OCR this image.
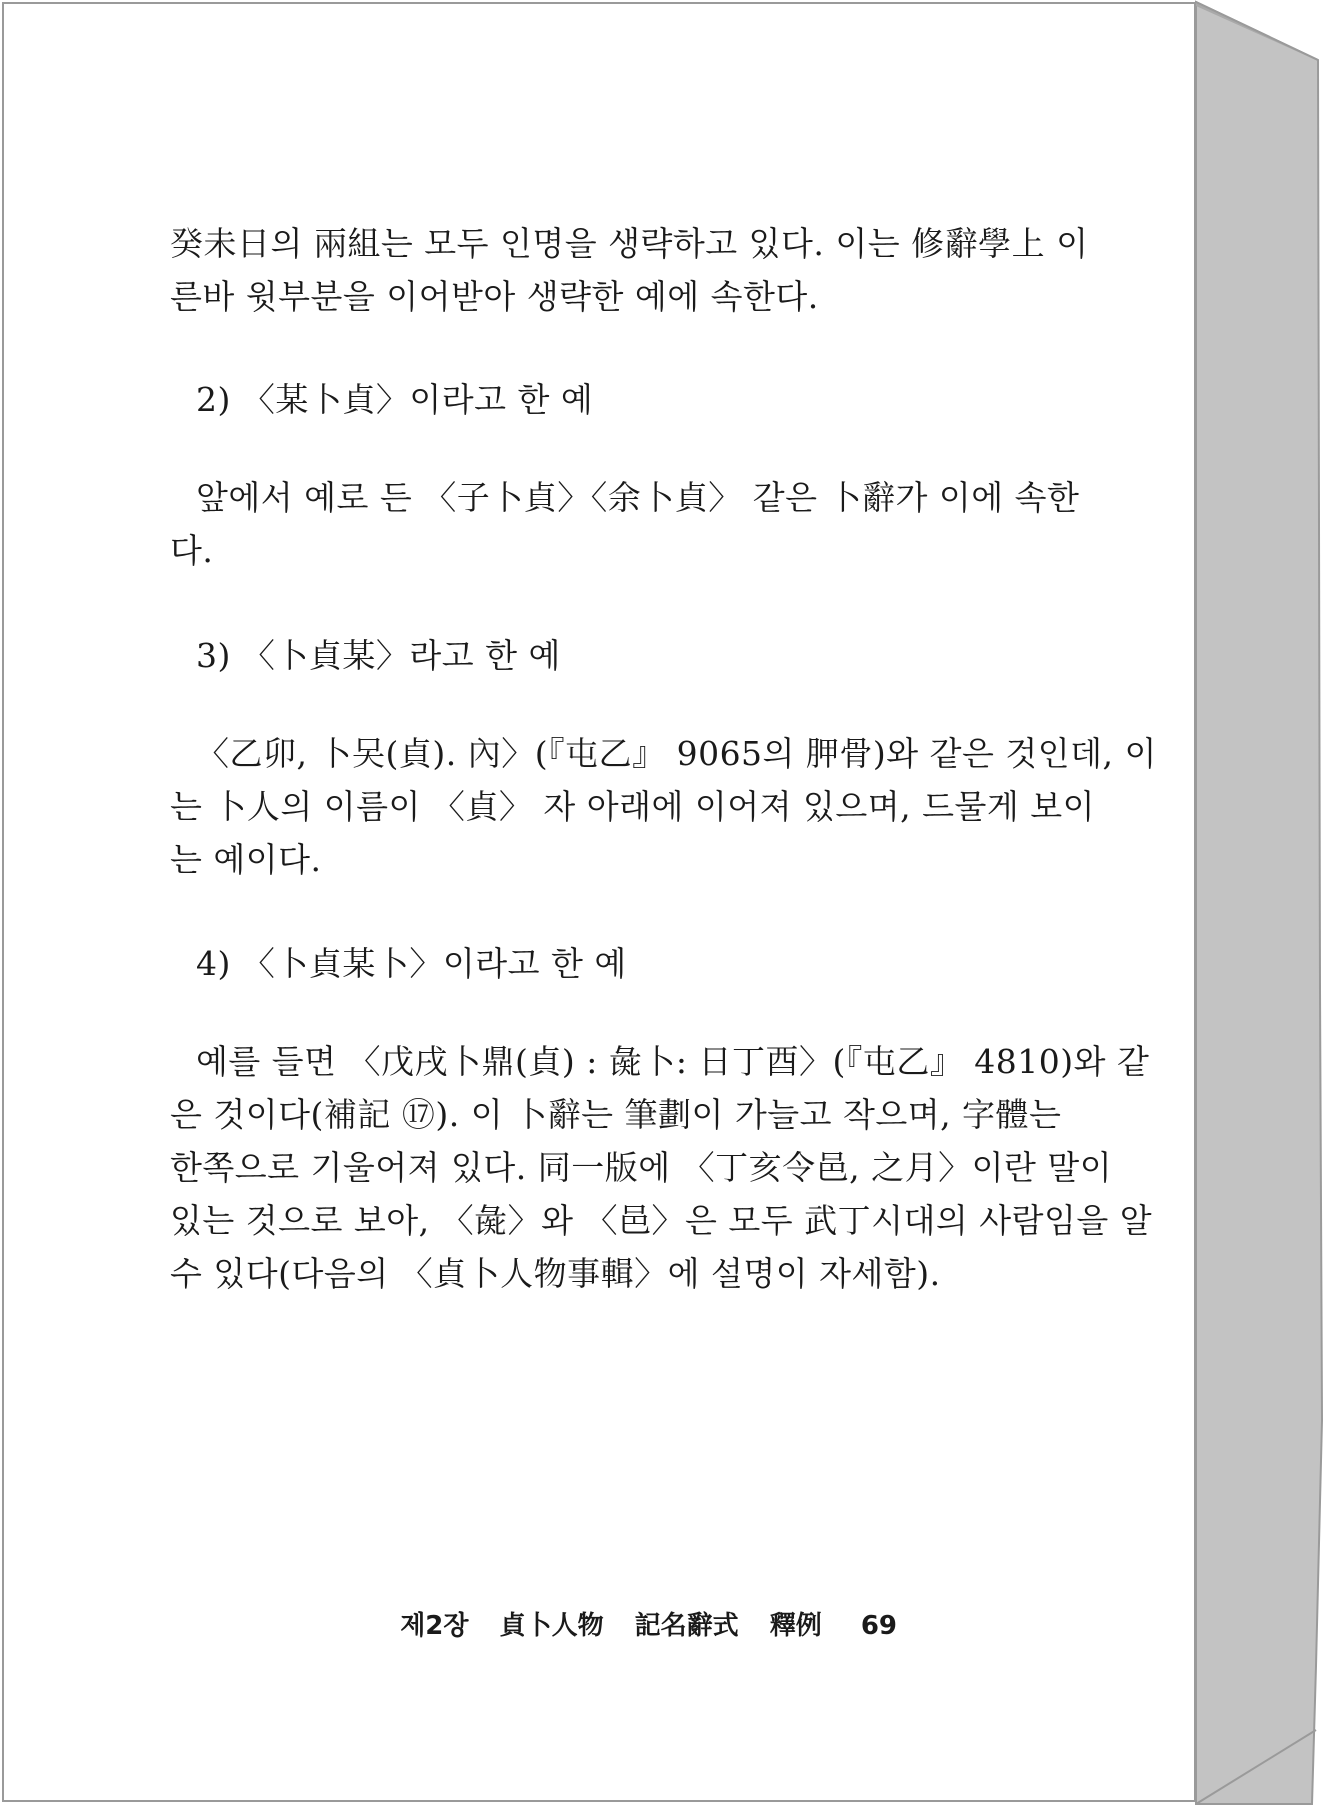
癸未日의 兩組는 모두 인명을 생략하고 있다. 이는 修辭學上 이
른바 윗부분을 이어받아 생략한 예에 속한다.
2) 〈某卜貞〉이라고 한 예
앞에서 예로 든 〈子卜貞〉〈余卜貞〉 같은 卜辭가 이에 속한
다.
3) 〈卜貞某〉라고 한 예
〈乙卯, 卜㕦(貞). 內〉(『屯乙』 9065의 胛骨)와 같은 것인데, 이
는 卜人의 이름이 〈貞〉 자 아래에 이어져 있으며, 드물게 보이
는 예이다.
4) 〈卜貞某卜〉이라고 한 예
예를 들면 〈戊戌卜鼎(貞) : 彘卜: 日丁酉〉(『屯乙』 4810)와 같
은 것이다(補記 ⑰). 이 卜辭는 筆劃이 가늘고 작으며, 字體는
한쪽으로 기울어져 있다. 同一版에 〈丁亥令邑, 之月〉이란 말이
있는 것으로 보아, 〈彘〉와 〈邑〉은 모두 武丁시대의 사람임을 알
수 있다(다음의 〈貞卜人物事輯〉에 설명이 자세함).
제2장 貞卜人物 記名辭式 釋例 69
